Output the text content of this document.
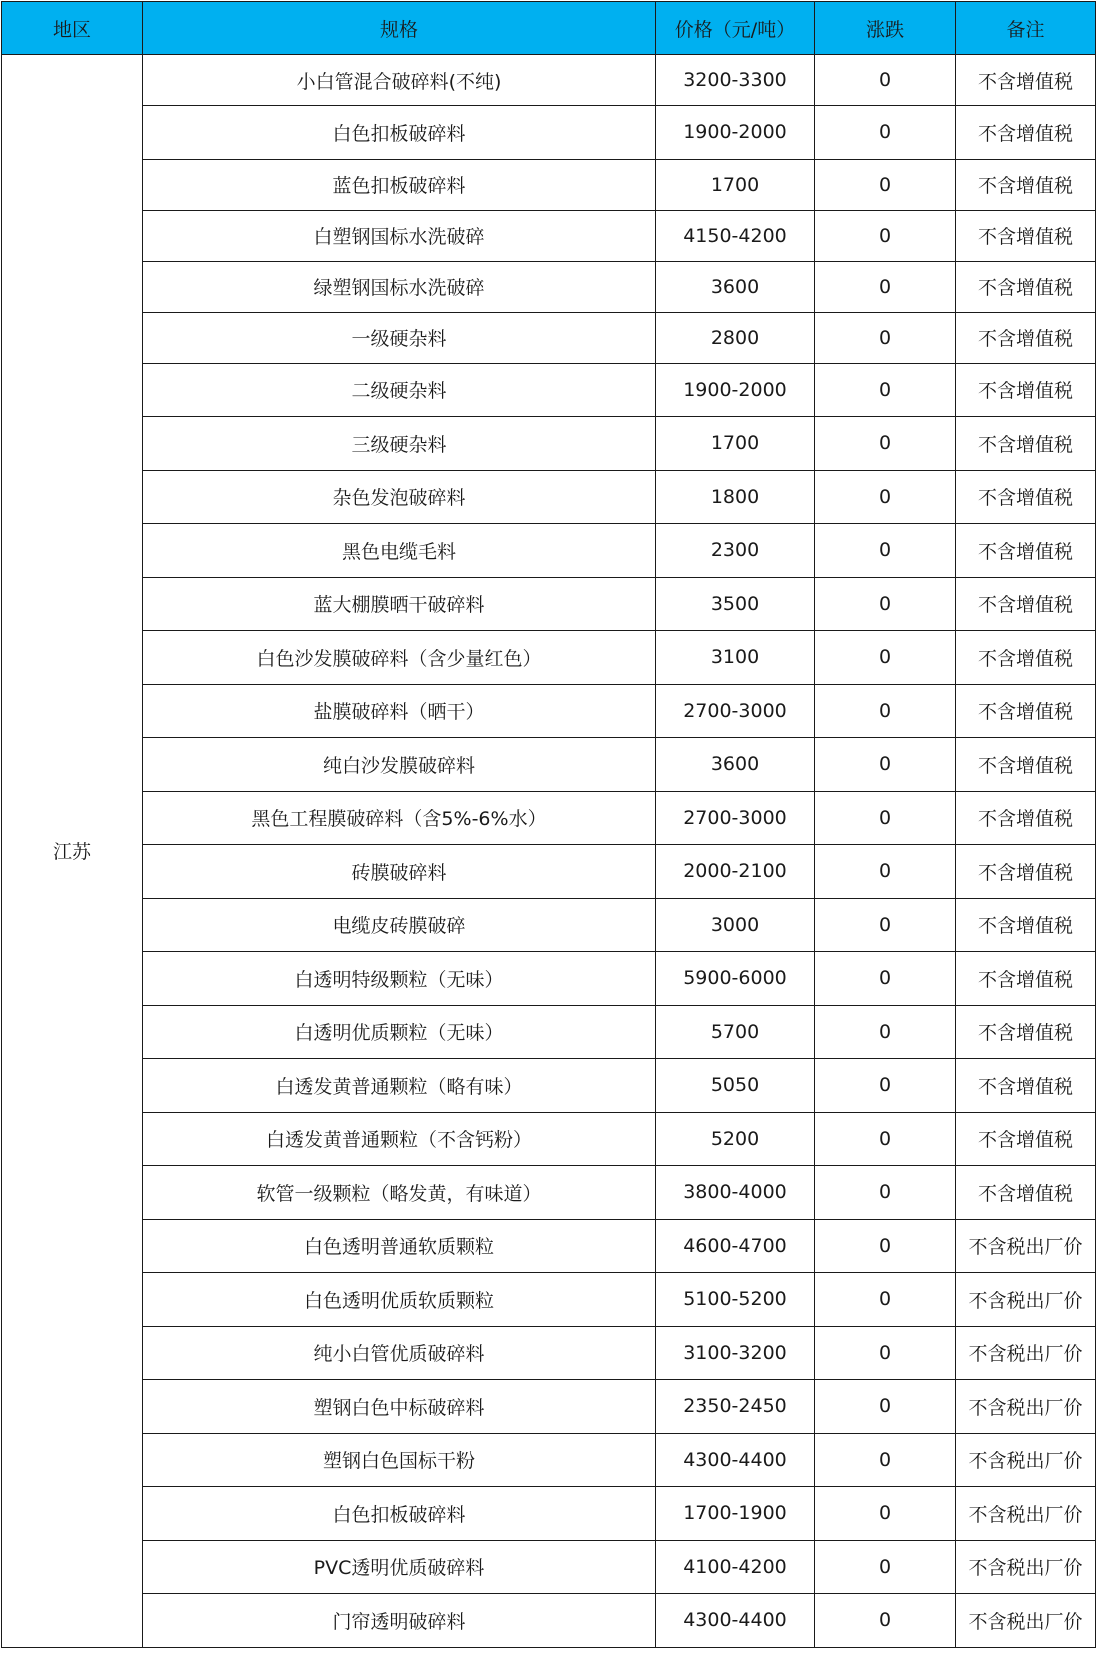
地区	规格	价格（元/吨）	涨跌	备注
江苏	小白管混合破碎料(不纯)	3200-3300	0	不含增值税
	白色扣板破碎料	1900-2000	0	不含增值税
	蓝色扣板破碎料	1700	0	不含增值税
	白塑钢国标水洗破碎	4150-4200	0	不含增值税
	绿塑钢国标水洗破碎	3600	0	不含增值税
	一级硬杂料	2800	0	不含增值税
	二级硬杂料	1900-2000	0	不含增值税
	三级硬杂料	1700	0	不含增值税
	杂色发泡破碎料	1800	0	不含增值税
	黑色电缆毛料	2300	0	不含增值税
	蓝大棚膜晒干破碎料	3500	0	不含增值税
	白色沙发膜破碎料（含少量红色）	3100	0	不含增值税
	盐膜破碎料（晒干）	2700-3000	0	不含增值税
	纯白沙发膜破碎料	3600	0	不含增值税
	黑色工程膜破碎料（含5%-6%水）	2700-3000	0	不含增值税
	砖膜破碎料	2000-2100	0	不含增值税
	电缆皮砖膜破碎	3000	0	不含增值税
	白透明特级颗粒（无味）	5900-6000	0	不含增值税
	白透明优质颗粒（无味）	5700	0	不含增值税
	白透发黄普通颗粒（略有味）	5050	0	不含增值税
	白透发黄普通颗粒（不含钙粉）	5200	0	不含增值税
	软管一级颗粒（略发黄，有味道）	3800-4000	0	不含增值税
	白色透明普通软质颗粒	4600-4700	0	不含税出厂价
	白色透明优质软质颗粒	5100-5200	0	不含税出厂价
	纯小白管优质破碎料	3100-3200	0	不含税出厂价
	塑钢白色中标破碎料	2350-2450	0	不含税出厂价
	塑钢白色国标干粉	4300-4400	0	不含税出厂价
	白色扣板破碎料	1700-1900	0	不含税出厂价
	PVC透明优质破碎料	4100-4200	0	不含税出厂价
	门帘透明破碎料	4300-4400	0	不含税出厂价
